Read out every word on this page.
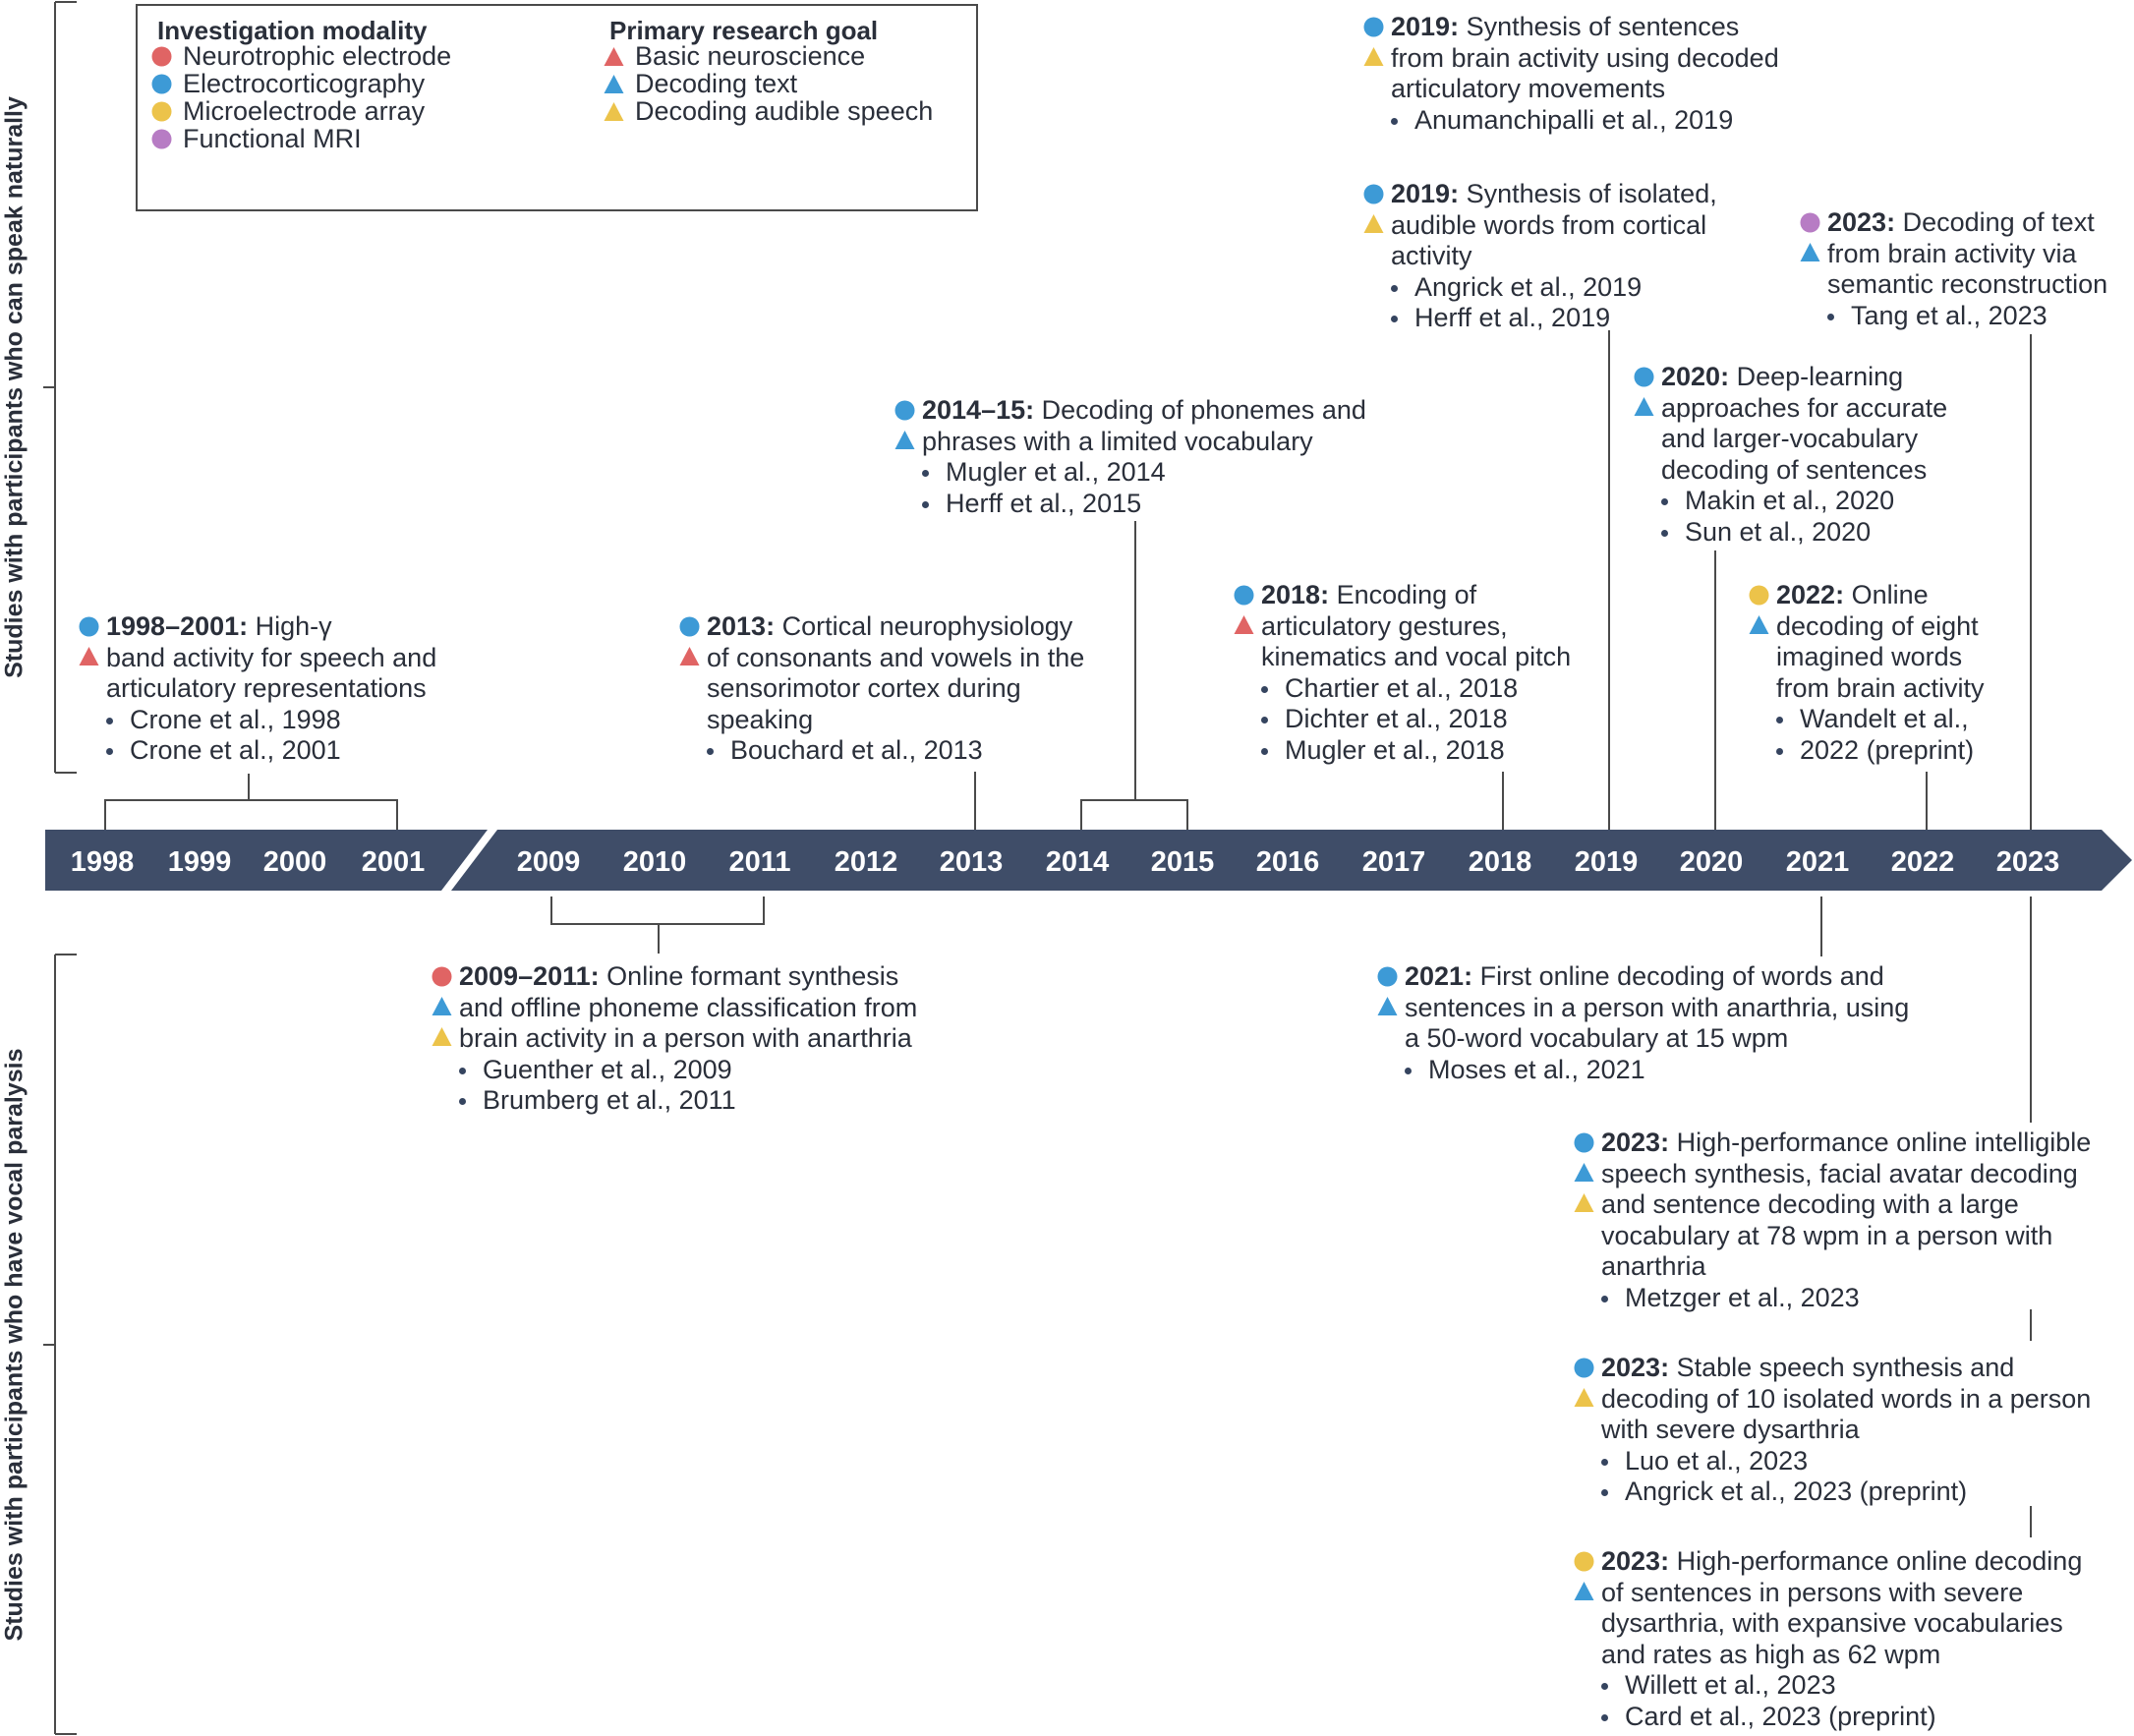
1998 1999 2000 2001	2009 2010 2011 2012 2013 2014 2015 2016 2017 2018 2019 2020 2021 2022 2023
Studies with participants who can speak naturally
Studies with participants who have vocal paralysis
Investigation modality	Primary research goal
Neurotrophic electrode
Electrocorticography
Microelectrode array
Functional MRI
Basic neuroscience
Decoding text
Decoding audible speech
1998–2001: High-γ
band activity for speech and
articulatory representations
Crone et al., 1998
Crone et al., 2001
2013: Cortical neurophysiology
of consonants and vowels in the
sensorimotor cortex during
speaking
Bouchard et al., 2013
2014–15: Decoding of phonemes and
phrases with a limited vocabulary
Mugler et al., 2014
Herff et al., 2015
2018: Encoding of
articulatory gestures,
kinematics and vocal pitch
Chartier et al., 2018
Dichter et al., 2018
Mugler et al., 2018
2019: Synthesis of sentences
from brain activity using decoded
articulatory movements
Anumanchipalli et al., 2019
2019: Synthesis of isolated,
audible words from cortical
activity
Angrick et al., 2019
Herff et al., 2019
2020: Deep-learning
approaches for accurate
and larger-vocabulary
decoding of sentences
Makin et al., 2020
Sun et al., 2020
2022: Online
decoding of eight
imagined words
from brain activity
Wandelt et al.,
2022 (preprint)
2023: Decoding of text
from brain activity via
semantic reconstruction
Tang et al., 2023
2009–2011: Online formant synthesis
and offline phoneme classification from
brain activity in a person with anarthria
Guenther et al., 2009
Brumberg et al., 2011
2021: First online decoding of words and
sentences in a person with anarthria, using
a 50-word vocabulary at 15 wpm
Moses et al., 2021
2023: High-performance online intelligible
speech synthesis, facial avatar decoding
and sentence decoding with a large
vocabulary at 78 wpm in a person with
anarthria
Metzger et al., 2023
2023: Stable speech synthesis and
decoding of 10 isolated words in a person
with severe dysarthria
Luo et al., 2023
Angrick et al., 2023 (preprint)
2023: High-performance online decoding
of sentences in persons with severe
dysarthria, with expansive vocabularies
and rates as high as 62 wpm
Willett et al., 2023
Card et al., 2023 (preprint)
